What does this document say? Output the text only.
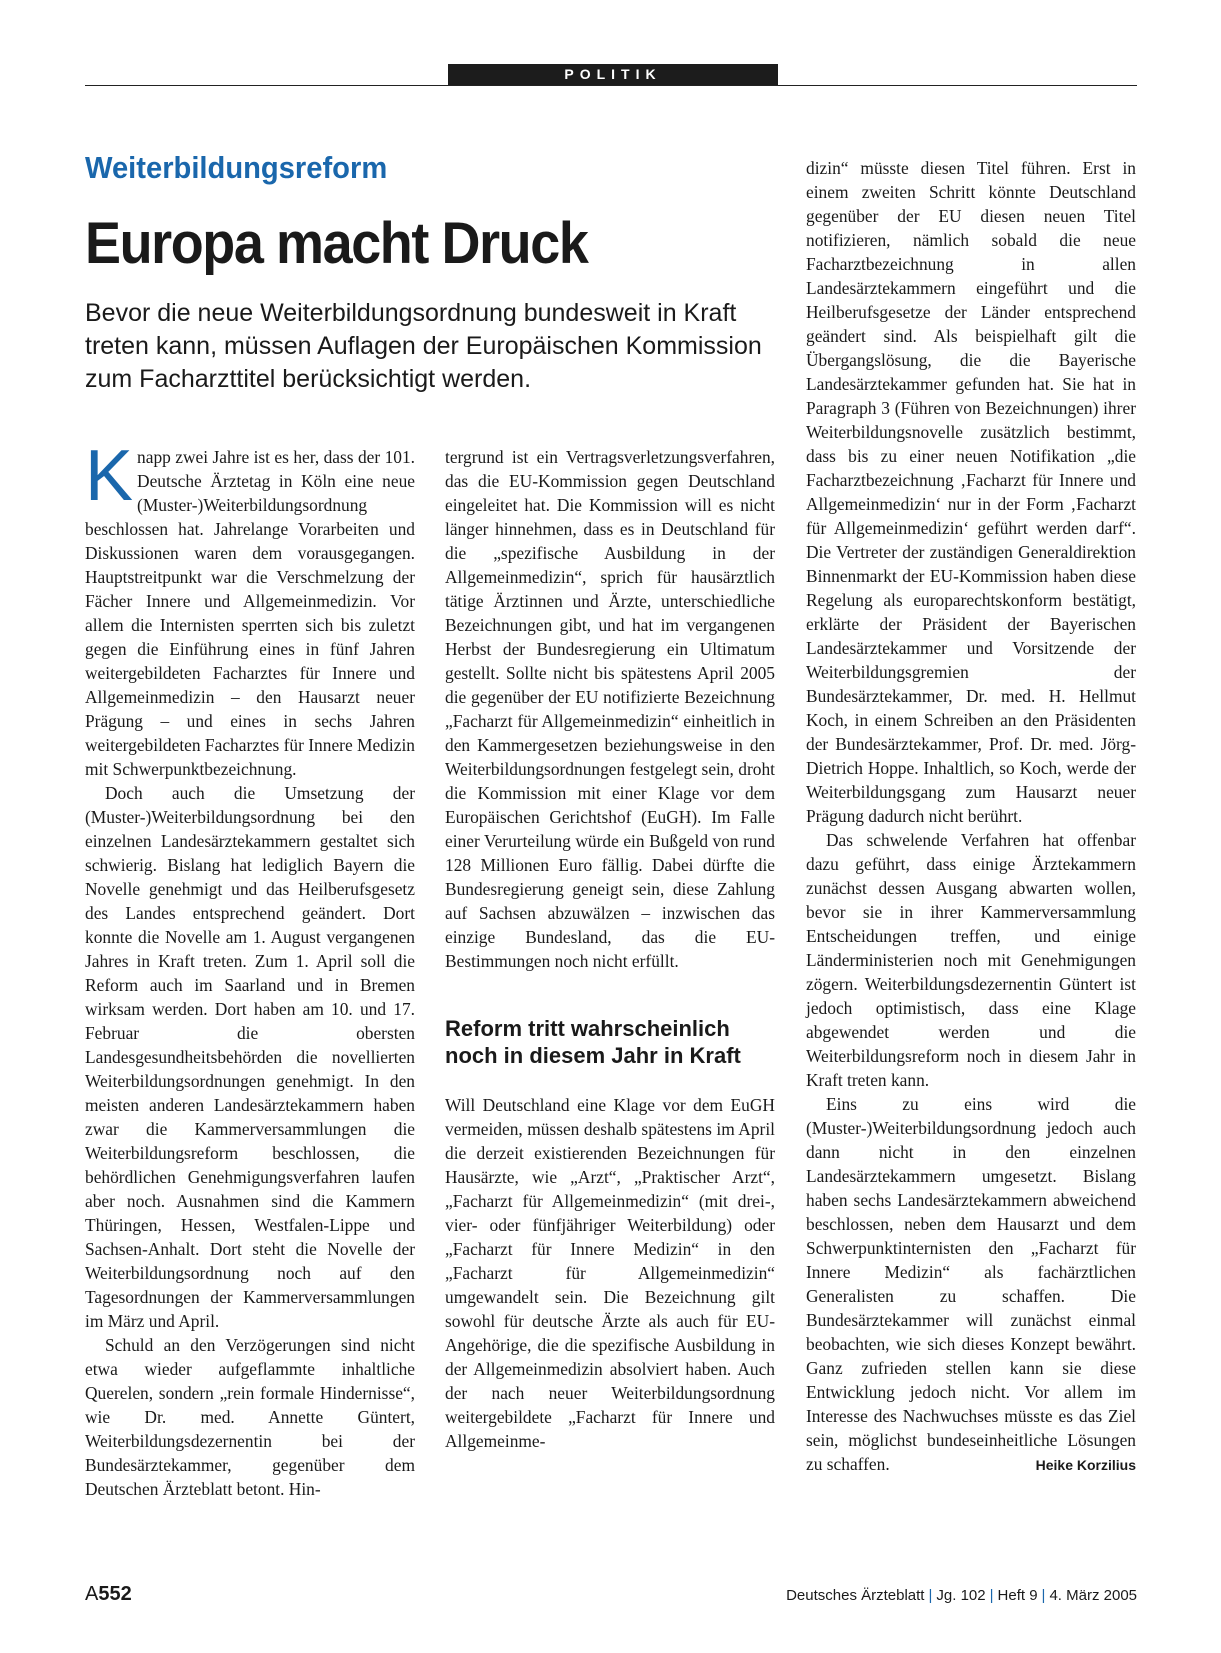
POLITIK
Weiterbildungsreform
Europa macht Druck
Bevor die neue Weiterbildungsordnung bundesweit in Kraft treten kann, müssen Auflagen der Europäischen Kommission zum Facharzttitel berücksichtigt werden.

Knapp zwei Jahre ist es her, dass der 101. Deutsche Ärztetag in Köln eine neue (Muster-)Weiterbildungsordnung beschlossen hat. Jahrelange Vorarbeiten und Diskussionen waren dem vorausgegangen. Hauptstreitpunkt war die Verschmelzung der Fächer Innere und Allgemeinmedizin. Vor allem die Internisten sperrten sich bis zuletzt gegen die Einführung eines in fünf Jahren weitergebildeten Facharztes für Innere und Allgemeinmedizin – den Hausarzt neuer Prägung – und eines in sechs Jahren weitergebildeten Facharztes für Innere Medizin mit Schwerpunktbezeichnung.

Doch auch die Umsetzung der (Muster-)Weiterbildungsordnung bei den einzelnen Landesärztekammern gestaltet sich schwierig. Bislang hat lediglich Bayern die Novelle genehmigt und das Heilberufsgesetz des Landes entsprechend geändert. Dort konnte die Novelle am 1. August vergangenen Jahres in Kraft treten. Zum 1. April soll die Reform auch im Saarland und in Bremen wirksam werden. Dort haben am 10. und 17. Februar die obersten Landesgesundheitsbehörden die novellierten Weiterbildungsordnungen genehmigt. In den meisten anderen Landesärztekammern haben zwar die Kammerversammlungen die Weiterbildungsreform beschlossen, die behördlichen Genehmigungsverfahren laufen aber noch. Ausnahmen sind die Kammern Thüringen, Hessen, Westfalen-Lippe und Sachsen-Anhalt. Dort steht die Novelle der Weiterbildungsordnung noch auf den Tagesordnungen der Kammerversammlungen im März und April.

Schuld an den Verzögerungen sind nicht etwa wieder aufgeflammte inhaltliche Querelen, sondern „rein formale Hindernisse“, wie Dr. med. Annette Güntert, Weiterbildungsdezernentin bei der Bundesärztekammer, gegenüber dem Deutschen Ärzteblatt betont. Hin-

tergrund ist ein Vertragsverletzungsverfahren, das die EU-Kommission gegen Deutschland eingeleitet hat. Die Kommission will es nicht länger hinnehmen, dass es in Deutschland für die „spezifische Ausbildung in der Allgemeinmedizin“, sprich für hausärztlich tätige Ärztinnen und Ärzte, unterschiedliche Bezeichnungen gibt, und hat im vergangenen Herbst der Bundesregierung ein Ultimatum gestellt. Sollte nicht bis spätestens April 2005 die gegenüber der EU notifizierte Bezeichnung „Facharzt für Allgemeinmedizin“ einheitlich in den Kammergesetzen beziehungsweise in den Weiterbildungsordnungen festgelegt sein, droht die Kommission mit einer Klage vor dem Europäischen Gerichtshof (EuGH). Im Falle einer Verurteilung würde ein Bußgeld von rund 128 Millionen Euro fällig. Dabei dürfte die Bundesregierung geneigt sein, diese Zahlung auf Sachsen abzuwälzen – inzwischen das einzige Bundesland, das die EU-Bestimmungen noch nicht erfüllt.

Reform tritt wahrscheinlich noch in diesem Jahr in Kraft

Will Deutschland eine Klage vor dem EuGH vermeiden, müssen deshalb spätestens im April die derzeit existierenden Bezeichnungen für Hausärzte, wie „Arzt“, „Praktischer Arzt“, „Facharzt für Allgemeinmedizin“ (mit drei-, vier- oder fünfjähriger Weiterbildung) oder „Facharzt für Innere Medizin“ in den „Facharzt für Allgemeinmedizin“ umgewandelt sein. Die Bezeichnung gilt sowohl für deutsche Ärzte als auch für EU-Angehörige, die die spezifische Ausbildung in der Allgemeinmedizin absolviert haben. Auch der nach neuer Weiterbildungsordnung weitergebildete „Facharzt für Innere und Allgemeinme-

dizin“ müsste diesen Titel führen. Erst in einem zweiten Schritt könnte Deutschland gegenüber der EU diesen neuen Titel notifizieren, nämlich sobald die neue Facharztbezeichnung in allen Landesärztekammern eingeführt und die Heilberufsgesetze der Länder entsprechend geändert sind. Als beispielhaft gilt die Übergangslösung, die die Bayerische Landesärztekammer gefunden hat. Sie hat in Paragraph 3 (Führen von Bezeichnungen) ihrer Weiterbildungsnovelle zusätzlich bestimmt, dass bis zu einer neuen Notifikation „die Facharztbezeichnung ‚Facharzt für Innere und Allgemeinmedizin‘ nur in der Form ‚Facharzt für Allgemeinmedizin‘ geführt werden darf“. Die Vertreter der zuständigen Generaldirektion Binnenmarkt der EU-Kommission haben diese Regelung als europarechtskonform bestätigt, erklärte der Präsident der Bayerischen Landesärztekammer und Vorsitzende der Weiterbildungsgremien der Bundesärztekammer, Dr. med. H. Hellmut Koch, in einem Schreiben an den Präsidenten der Bundesärztekammer, Prof. Dr. med. Jörg-Dietrich Hoppe. Inhaltlich, so Koch, werde der Weiterbildungsgang zum Hausarzt neuer Prägung dadurch nicht berührt.

Das schwelende Verfahren hat offenbar dazu geführt, dass einige Ärztekammern zunächst dessen Ausgang abwarten wollen, bevor sie in ihrer Kammerversammlung Entscheidungen treffen, und einige Länderministerien noch mit Genehmigungen zögern. Weiterbildungsdezernentin Güntert ist jedoch optimistisch, dass eine Klage abgewendet werden und die Weiterbildungsreform noch in diesem Jahr in Kraft treten kann.

Eins zu eins wird die (Muster-)Weiterbildungsordnung jedoch auch dann nicht in den einzelnen Landesärztekammern umgesetzt. Bislang haben sechs Landesärztekammern abweichend beschlossen, neben dem Hausarzt und dem Schwerpunktinternisten den „Facharzt für Innere Medizin“ als fachärztlichen Generalisten zu schaffen. Die Bundesärztekammer will zunächst einmal beobachten, wie sich dieses Konzept bewährt. Ganz zufrieden stellen kann sie diese Entwicklung jedoch nicht. Vor allem im Interesse des Nachwuchses müsste es das Ziel sein, möglichst bundeseinheitliche Lösungen zu schaffen.	Heike Korzilius

A552	Deutsches Ärzteblatt | Jg. 102 | Heft 9 | 4. März 2005
